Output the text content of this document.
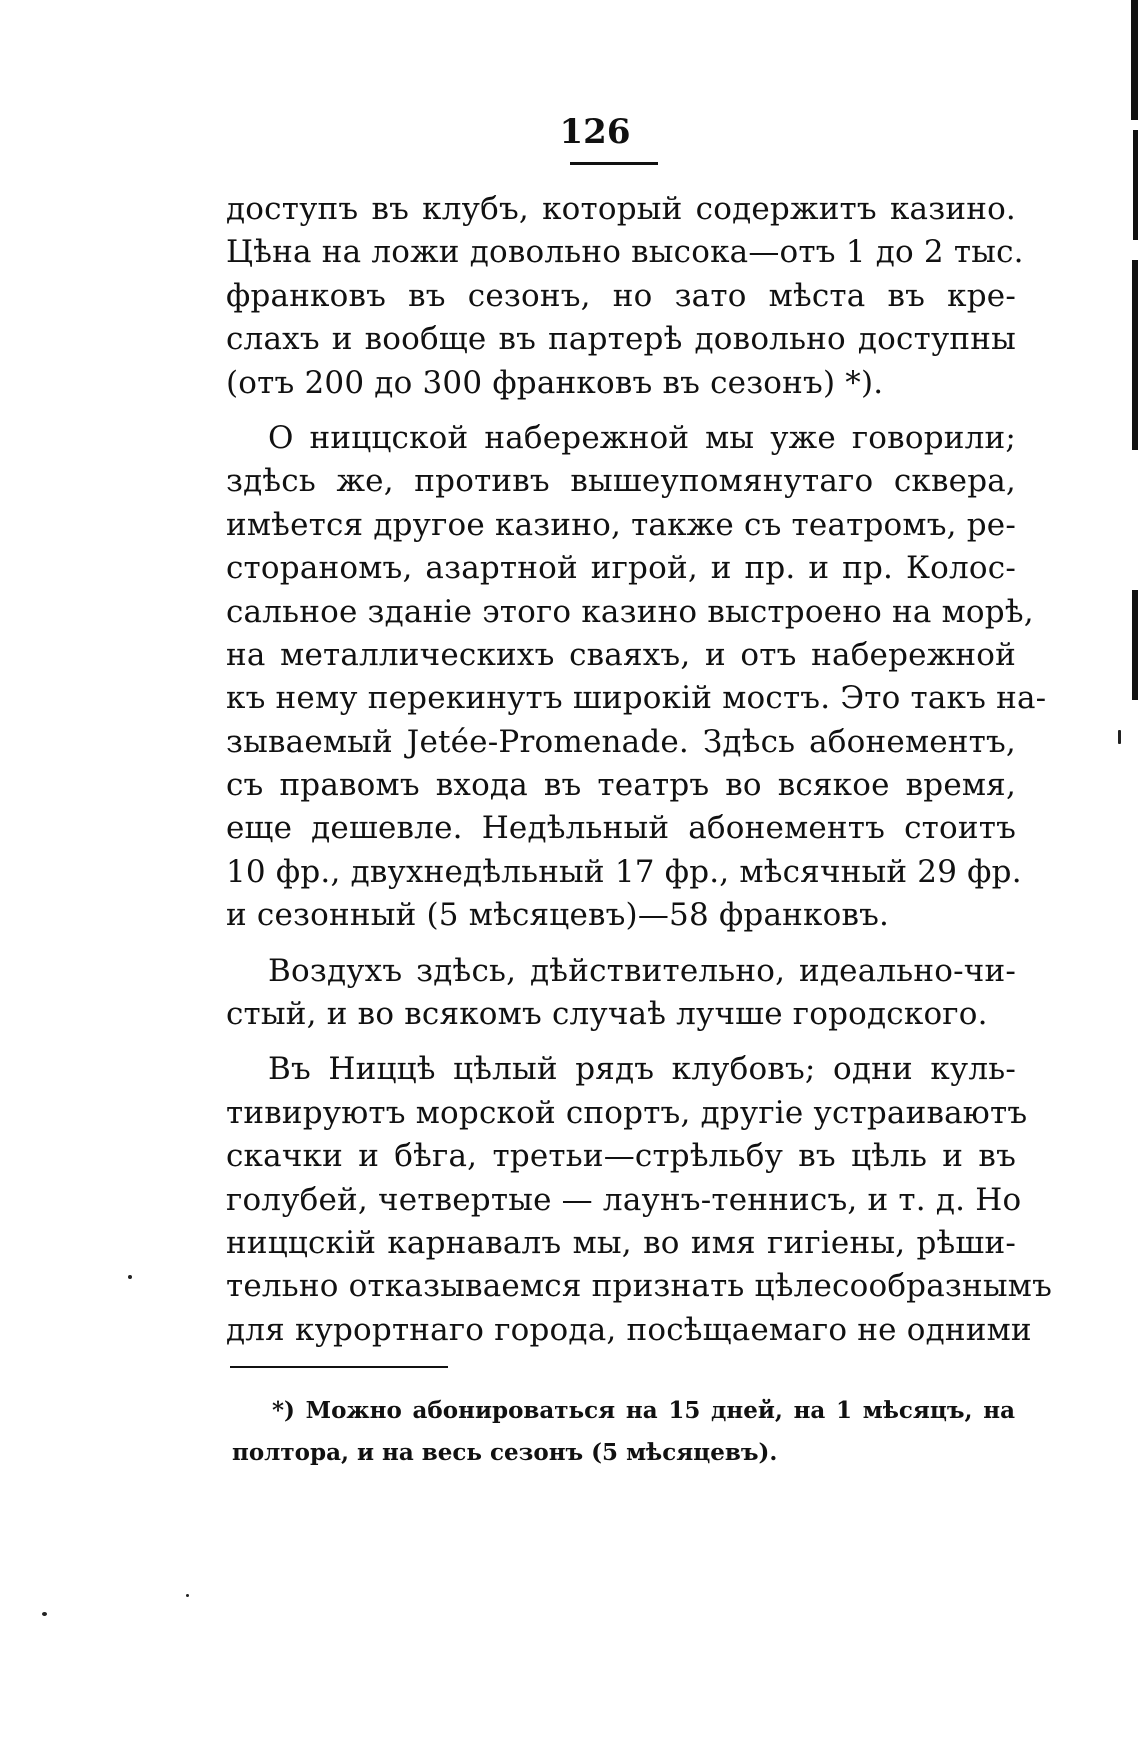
126
доступъ въ клубъ, который содержитъ казино.
Цѣна на ложи довольно высока—отъ 1 до 2 тыс.
франковъ въ сезонъ, но зато мѣста въ кре-
слахъ и вообще въ партерѣ довольно доступны
(отъ 200 до 300 франковъ въ сезонъ) *).
О ниццской набережной мы уже говорили;
здѣсь же, противъ вышеупомянутаго сквера,
имѣется другое казино, также съ театромъ, ре-
стораномъ, азартной игрой, и пр. и пр. Колос-
сальное зданіе этого казино выстроено на морѣ,
на металлическихъ сваяхъ, и отъ набережной
къ нему перекинутъ широкій мостъ. Это такъ на-
зываемый Jetée-Promenade. Здѣсь абонементъ,
съ правомъ входа въ театръ во всякое время,
еще дешевле. Недѣльный абонементъ стоитъ
10 фр., двухнедѣльный 17 фр., мѣсячный 29 фр.
и сезонный (5 мѣсяцевъ)—58 франковъ.
Воздухъ здѣсь, дѣйствительно, идеально-чи-
стый, и во всякомъ случаѣ лучше городского.
Въ Ниццѣ цѣлый рядъ клубовъ; одни куль-
тивируютъ морской спортъ, другіе устраиваютъ
скачки и бѣга, третьи—стрѣльбу въ цѣль и въ
голубей, четвертые — лаунъ-теннисъ, и т. д. Но
ниццскій карнавалъ мы, во имя гигіены, рѣши-
тельно отказываемся признать цѣлесообразнымъ
для курортнаго города, посѣщаемаго не одними
*) Можно абонироваться на 15 дней, на 1 мѣсяцъ, на
полтора, и на весь сезонъ (5 мѣсяцевъ).
